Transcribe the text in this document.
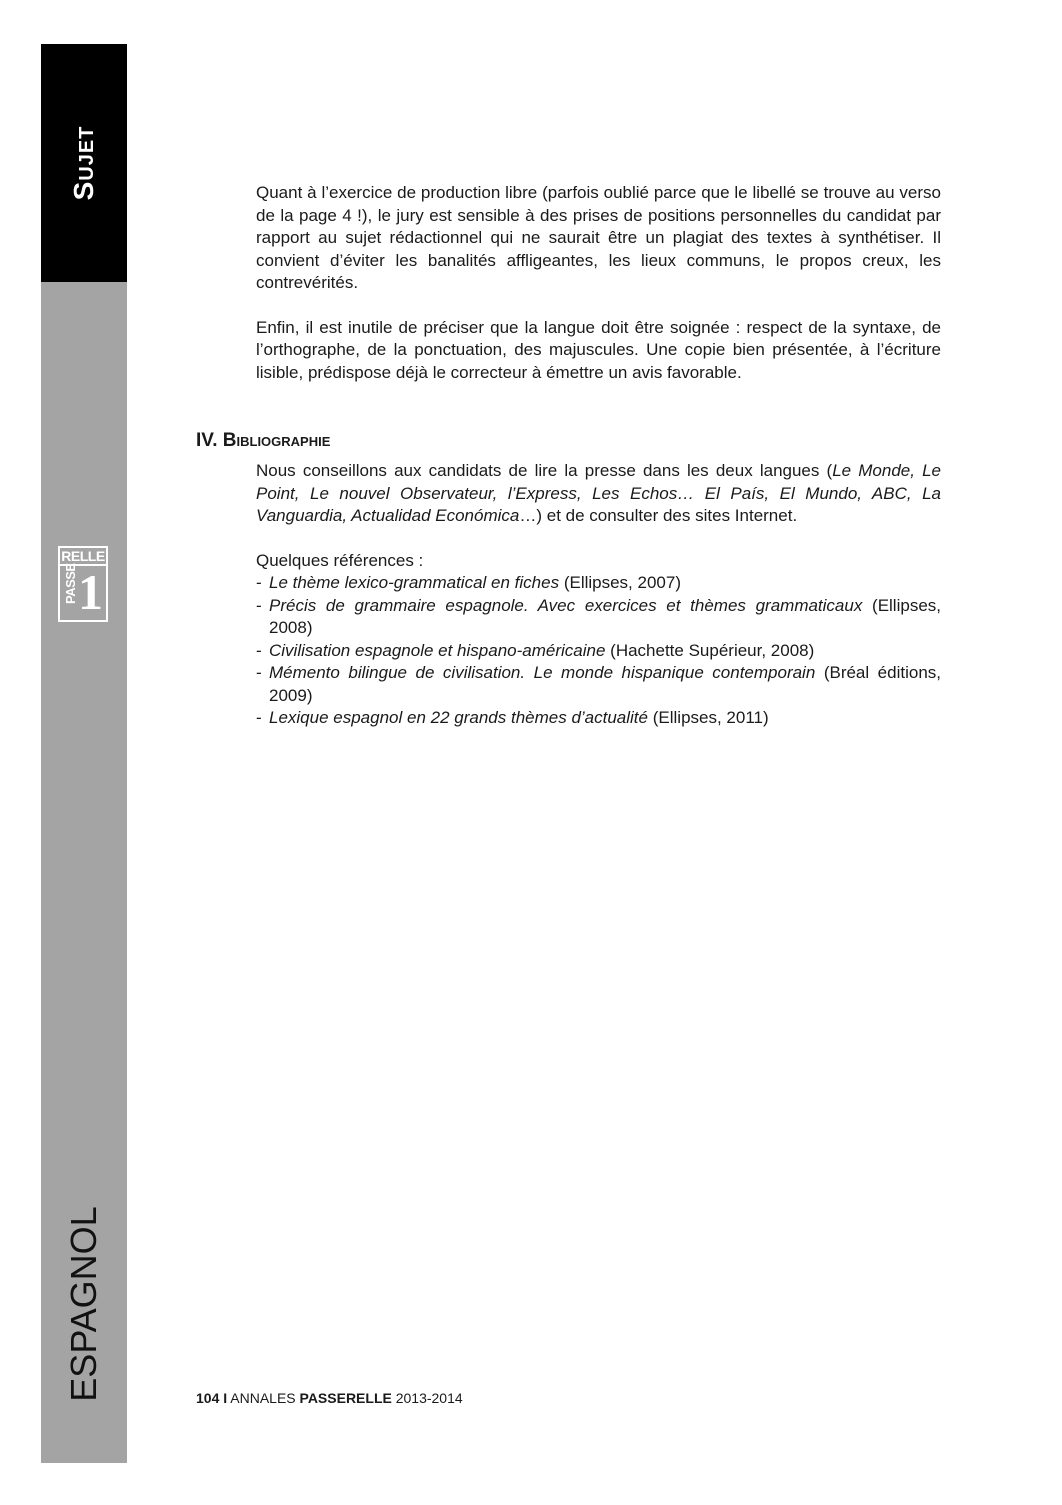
Sujet
RELLE
PASSE 1
ESPAGNOL

Quant à l’exercice de production libre (parfois oublié parce que le libellé se trouve au verso de la page 4 !), le jury est sensible à des prises de positions personnelles du candidat par rapport au sujet rédactionnel qui ne saurait être un plagiat des textes à synthétiser. Il convient d’éviter les banalités affligeantes, les lieux communs, le propos creux, les contrevérités.

Enfin, il est inutile de préciser que la langue doit être soignée : respect de la syntaxe, de l’orthographe, de la ponctuation, des majuscules. Une copie bien présentée, à l’écriture lisible, prédispose déjà le correcteur à émettre un avis favorable.

IV. Bibliographie

Nous conseillons aux candidats de lire la presse dans les deux langues (Le Monde, Le Point, Le nouvel Observateur, l’Express, Les Echos… El País, El Mundo, ABC, La Vanguardia, Actualidad Económica…) et de consulter des sites Internet.

Quelques références :

- Le thème lexico-grammatical en fiches (Ellipses, 2007)
- Précis de grammaire espagnole. Avec exercices et thèmes grammaticaux (Ellipses, 2008)
- Civilisation espagnole et hispano-américaine (Hachette Supérieur, 2008)
- Mémento bilingue de civilisation. Le monde hispanique contemporain (Bréal éditions, 2009)
- Lexique espagnol en 22 grands thèmes d’actualité (Ellipses, 2011)
104 I ANNALES PASSERELLE 2013-2014
